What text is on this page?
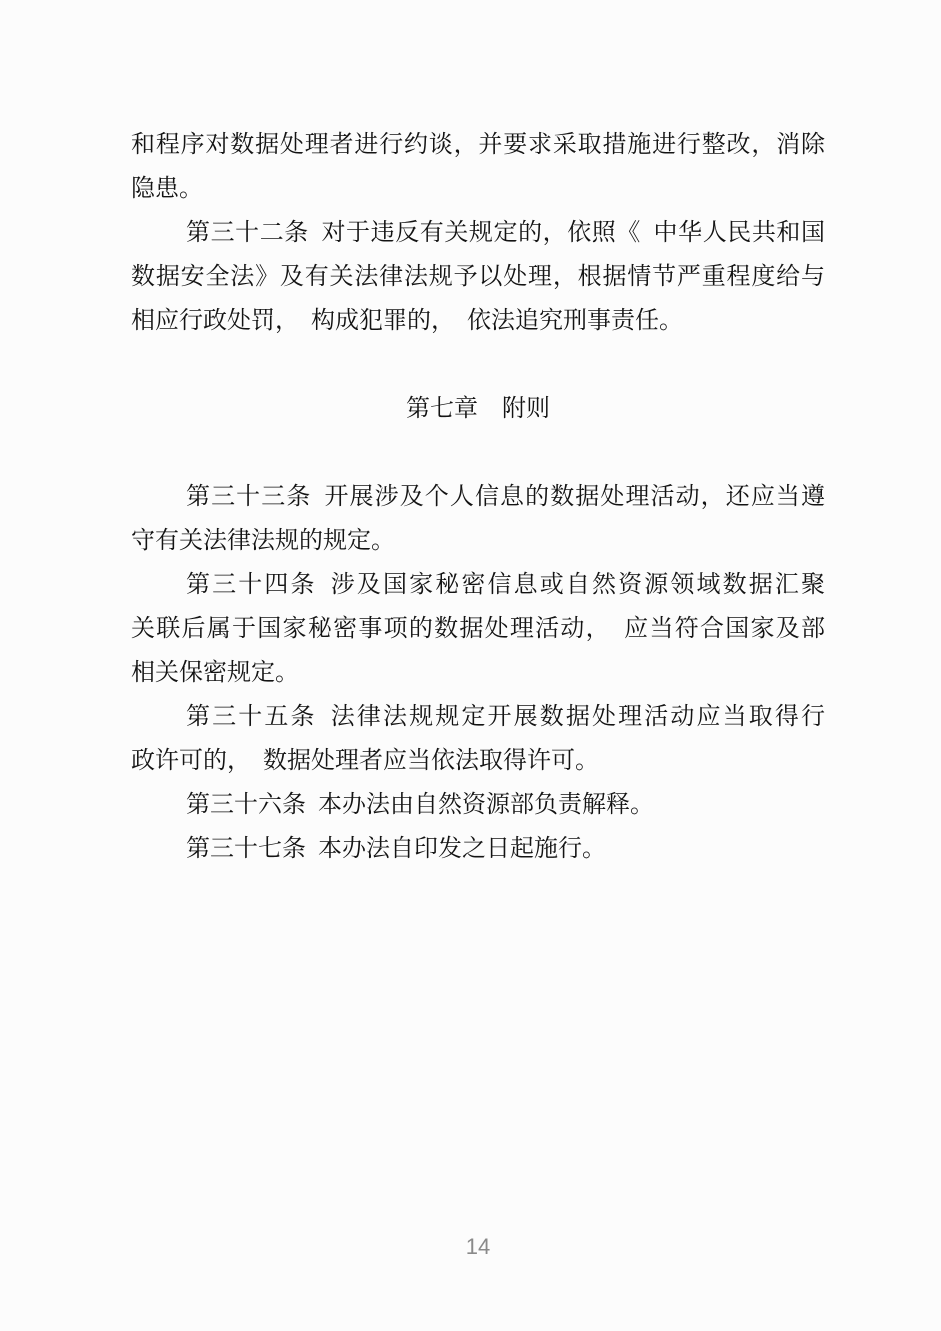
和程序对数据处理者进行约谈，并要求采取措施进行整改，消除
隐患。

第三十二条 对于违反有关规定的，依照《 中华人民共和国
数据安全法》及有关法律法规予以处理，根据情节严重程度给与
相应行政处罚， 构成犯罪的， 依法追究刑事责任。

第七章　附则
第三十三条 开展涉及个人信息的数据处理活动，还应当遵
守有关法律法规的规定。

第三十四条 涉及国家秘密信息或自然资源领域数据汇聚
关联后属于国家秘密事项的数据处理活动， 应当符合国家及部
相关保密规定。

第三十五条 法律法规规定开展数据处理活动应当取得行
政许可的， 数据处理者应当依法取得许可。

第三十六条 本办法由自然资源部负责解释。

第三十七条 本办法自印发之日起施行。

14
